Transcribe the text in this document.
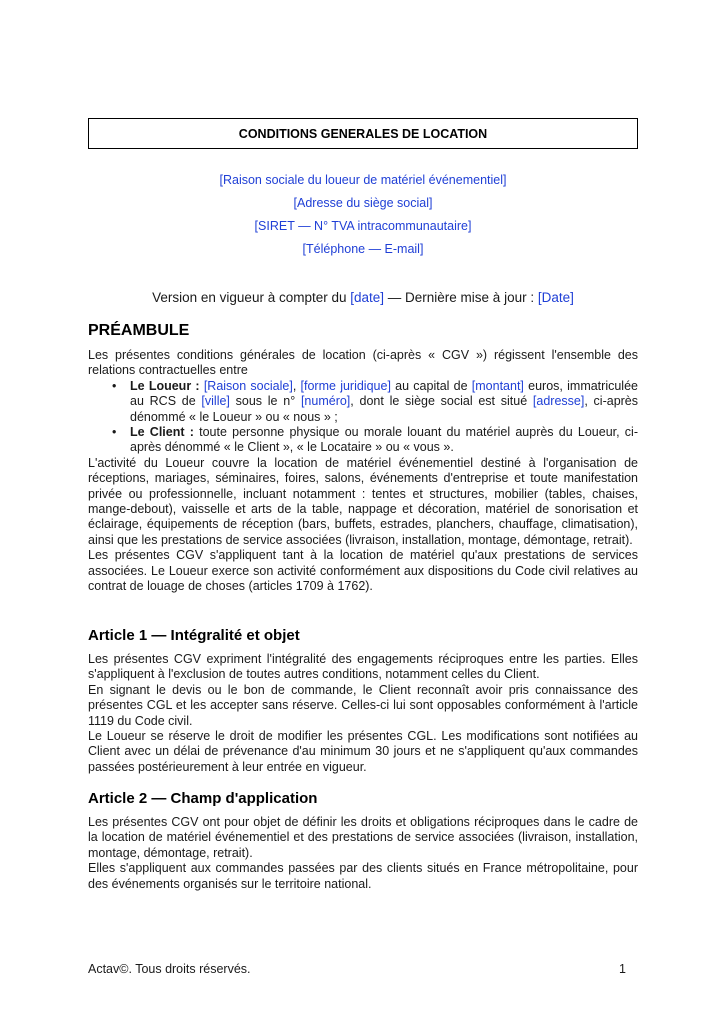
CONDITIONS GENERALES DE LOCATION
[Raison sociale du loueur de matériel événementiel]
[Adresse du siège social]
[SIRET — N° TVA intracommunautaire]
[Téléphone — E-mail]
Version en vigueur à compter du [date] — Dernière mise à jour : [Date]
PRÉAMBULE

Les présentes conditions générales de location (ci-après « CGV ») régissent l'ensemble des relations contractuelles entre

• Le Loueur : [Raison sociale], [forme juridique] au capital de [montant] euros, immatriculée au RCS de [ville] sous le n° [numéro], dont le siège social est situé [adresse], ci-après dénommé « le Loueur » ou « nous » ;
• Le Client : toute personne physique ou morale louant du matériel auprès du Loueur, ci-après dénommé « le Client », « le Locataire » ou « vous ».

L'activité du Loueur couvre la location de matériel événementiel destiné à l'organisation de réceptions, mariages, séminaires, foires, salons, événements d'entreprise et toute manifestation privée ou professionnelle, incluant notamment : tentes et structures, mobilier (tables, chaises, mange-debout), vaisselle et arts de la table, nappage et décoration, matériel de sonorisation et éclairage, équipements de réception (bars, buffets, estrades, planchers, chauffage, climatisation), ainsi que les prestations de service associées (livraison, installation, montage, démontage, retrait).

Les présentes CGV s'appliquent tant à la location de matériel qu'aux prestations de services associées. Le Loueur exerce son activité conformément aux dispositions du Code civil relatives au contrat de louage de choses (articles 1709 à 1762).

Article 1 — Intégralité et objet

Les présentes CGV expriment l'intégralité des engagements réciproques entre les parties. Elles s'appliquent à l'exclusion de toutes autres conditions, notamment celles du Client.

En signant le devis ou le bon de commande, le Client reconnaît avoir pris connaissance des présentes CGL et les accepter sans réserve. Celles-ci lui sont opposables conformément à l'article 1119 du Code civil.

Le Loueur se réserve le droit de modifier les présentes CGL. Les modifications sont notifiées au Client avec un délai de prévenance d'au minimum 30 jours et ne s'appliquent qu'aux commandes passées postérieurement à leur entrée en vigueur.

Article 2 — Champ d'application

Les présentes CGV ont pour objet de définir les droits et obligations réciproques dans le cadre de la location de matériel événementiel et des prestations de service associées (livraison, installation, montage, démontage, retrait).

Elles s'appliquent aux commandes passées par des clients situés en France métropolitaine, pour des événements organisés sur le territoire national.

Actav©. Tous droits réservés.	1
